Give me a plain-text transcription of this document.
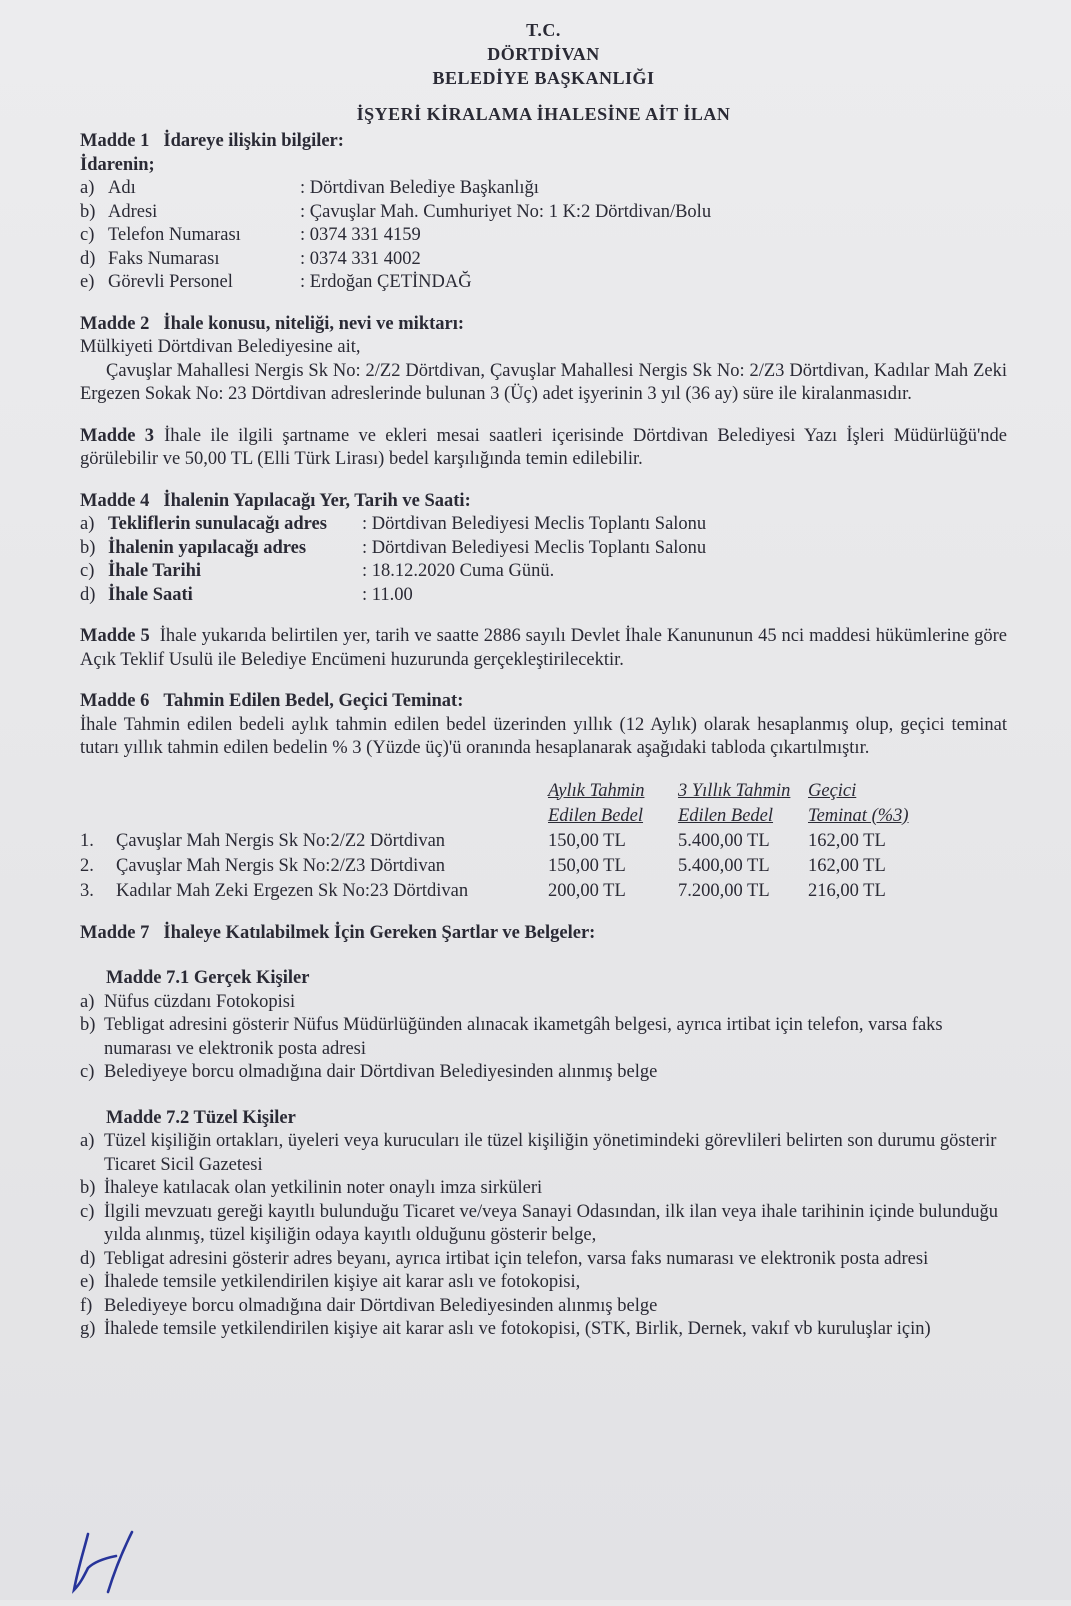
T.C.
DÖRTDİVAN
BELEDİYE BAŞKANLIĞI
İŞYERİ KİRALAMA İHALESİNE AİT İLAN
Madde 1 İdareye ilişkin bilgiler:
İdarenin;
a) Adı	: Dörtdivan Belediye Başkanlığı
b) Adresi	: Çavuşlar Mah. Cumhuriyet No: 1 K:2 Dörtdivan/Bolu
c) Telefon Numarası	: 0374 331 4159
d) Faks Numarası	: 0374 331 4002
e) Görevli Personel	: Erdoğan ÇETİNDAĞ
Madde 2 İhale konusu, niteliği, nevi ve miktarı:
Mülkiyeti Dörtdivan Belediyesine ait,
Çavuşlar Mahallesi Nergis Sk No: 2/Z2 Dörtdivan, Çavuşlar Mahallesi Nergis Sk No: 2/Z3 Dörtdivan, Kadılar Mah Zeki Ergezen Sokak No: 23 Dörtdivan adreslerinde bulunan 3 (Üç) adet işyerinin 3 yıl (36 ay) süre ile kiralanmasıdır.
Madde 3 İhale ile ilgili şartname ve ekleri mesai saatleri içerisinde Dörtdivan Belediyesi Yazı İşleri Müdürlüğü'nde görülebilir ve 50,00 TL (Elli Türk Lirası) bedel karşılığında temin edilebilir.
Madde 4 İhalenin Yapılacağı Yer, Tarih ve Saati:
a) Tekliflerin sunulacağı adres : Dörtdivan Belediyesi Meclis Toplantı Salonu
b) İhalenin yapılacağı adres	: Dörtdivan Belediyesi Meclis Toplantı Salonu
c) İhale Tarihi	: 18.12.2020 Cuma Günü.
d) İhale Saati	: 11.00
Madde 5 İhale yukarıda belirtilen yer, tarih ve saatte 2886 sayılı Devlet İhale Kanununun 45 nci maddesi hükümlerine göre Açık Teklif Usulü ile Belediye Encümeni huzurunda gerçekleştirilecektir.
Madde 6 Tahmin Edilen Bedel, Geçici Teminat:
İhale Tahmin edilen bedeli aylık tahmin edilen bedel üzerinden yıllık (12 Aylık) olarak hesaplanmış olup, geçici teminat tutarı yıllık tahmin edilen bedelin % 3 (Yüzde üç)'ü oranında hesaplanarak aşağıdaki tabloda çıkartılmıştır.
		Aylık Tahmin	3 Yıllık Tahmin	Geçici
		Edilen Bedel	Edilen Bedel	Teminat (%3)
1.	Çavuşlar Mah Nergis Sk No:2/Z2 Dörtdivan	150,00 TL	5.400,00 TL	162,00 TL
2.	Çavuşlar Mah Nergis Sk No:2/Z3 Dörtdivan	150,00 TL	5.400,00 TL	162,00 TL
3.	Kadılar Mah Zeki Ergezen Sk No:23 Dörtdivan	200,00 TL	7.200,00 TL	216,00 TL
Madde 7 İhaleye Katılabilmek İçin Gereken Şartlar ve Belgeler:
Madde 7.1 Gerçek Kişiler
a) Nüfus cüzdanı Fotokopisi
b) Tebligat adresini gösterir Nüfus Müdürlüğünden alınacak ikametgâh belgesi, ayrıca irtibat için telefon, varsa faks numarası ve elektronik posta adresi
c) Belediyeye borcu olmadığına dair Dörtdivan Belediyesinden alınmış belge
Madde 7.2 Tüzel Kişiler
a) Tüzel kişiliğin ortakları, üyeleri veya kurucuları ile tüzel kişiliğin yönetimindeki görevlileri belirten son durumu gösterir Ticaret Sicil Gazetesi
b) İhaleye katılacak olan yetkilinin noter onaylı imza sirküleri
c) İlgili mevzuatı gereği kayıtlı bulunduğu Ticaret ve/veya Sanayi Odasından, ilk ilan veya ihale tarihinin içinde bulunduğu yılda alınmış, tüzel kişiliğin odaya kayıtlı olduğunu gösterir belge,
d) Tebligat adresini gösterir adres beyanı, ayrıca irtibat için telefon, varsa faks numarası ve elektronik posta adresi
e) İhalede temsile yetkilendirilen kişiye ait karar aslı ve fotokopisi,
f) Belediyeye borcu olmadığına dair Dörtdivan Belediyesinden alınmış belge
g) İhalede temsile yetkilendirilen kişiye ait karar aslı ve fotokopisi, (STK, Birlik, Dernek, vakıf vb kuruluşlar için)
